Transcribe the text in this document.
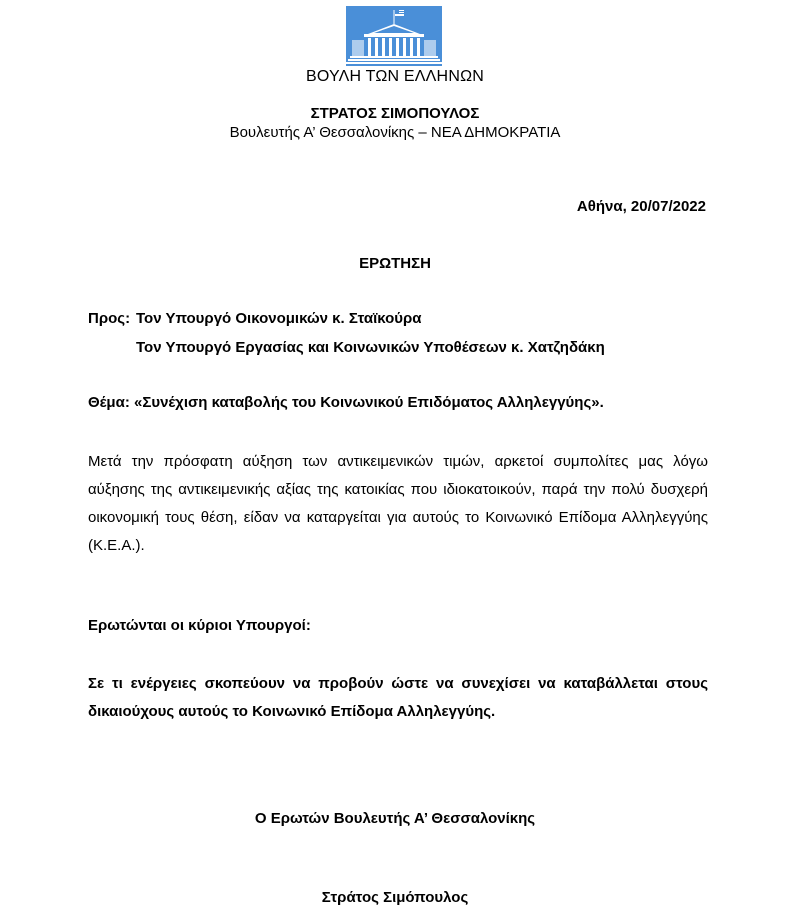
ΒΟΥΛΗ ΤΩΝ ΕΛΛΗΝΩΝ
ΣΤΡΑΤΟΣ ΣΙΜΟΠΟΥΛΟΣ
Βουλευτής Α’ Θεσσαλονίκης – ΝΕΑ ΔΗΜΟΚΡΑΤΙΑ
Αθήνα, 20/07/2022
ΕΡΩΤΗΣΗ
Προς: Τον Υπουργό Οικονομικών κ. Σταϊκούρα
Τον Υπουργό Εργασίας και Κοινωνικών Υποθέσεων κ. Χατζηδάκη
Θέμα: «Συνέχιση καταβολής του Κοινωνικού Επιδόματος Αλληλεγγύης».
Μετά την πρόσφατη αύξηση των αντικειμενικών τιμών, αρκετοί συμπολίτες μας λόγω αύξησης της αντικειμενικής αξίας της κατοικίας που ιδιοκατοικούν, παρά την πολύ δυσχερή οικονομική τους θέση, είδαν να καταργείται για αυτούς το Κοινωνικό Επίδομα Αλληλεγγύης (Κ.Ε.Α.).
Ερωτώνται οι κύριοι Υπουργοί:
Σε τι ενέργειες σκοπεύουν να προβούν ώστε να συνεχίσει να καταβάλλεται στους δικαιούχους αυτούς το Κοινωνικό Επίδομα Αλληλεγγύης.
Ο Ερωτών Βουλευτής Α’ Θεσσαλονίκης
Στράτος Σιμόπουλος
